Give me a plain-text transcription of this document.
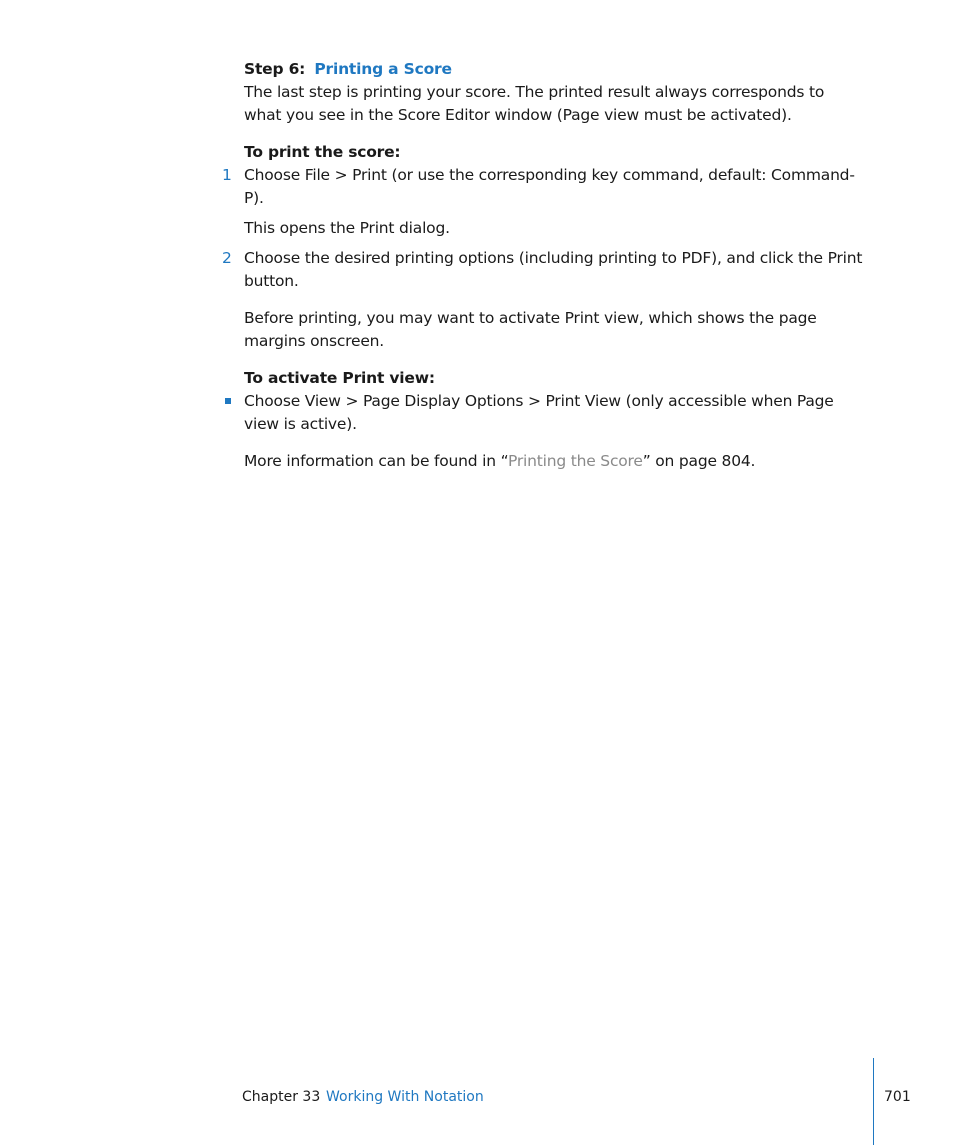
Step 6: Printing a Score

The last step is printing your score. The printed result always corresponds to what you see in the Score Editor window (Page view must be activated).

To print the score:

1 Choose File > Print (or use the corresponding key command, default: Command-P).

This opens the Print dialog.

2 Choose the desired printing options (including printing to PDF), and click the Print button.

Before printing, you may want to activate Print view, which shows the page margins onscreen.

To activate Print view:

Choose View > Page Display Options > Print View (only accessible when Page view is active).

More information can be found in “Printing the Score” on page 804.

Chapter 33 Working With Notation	701
